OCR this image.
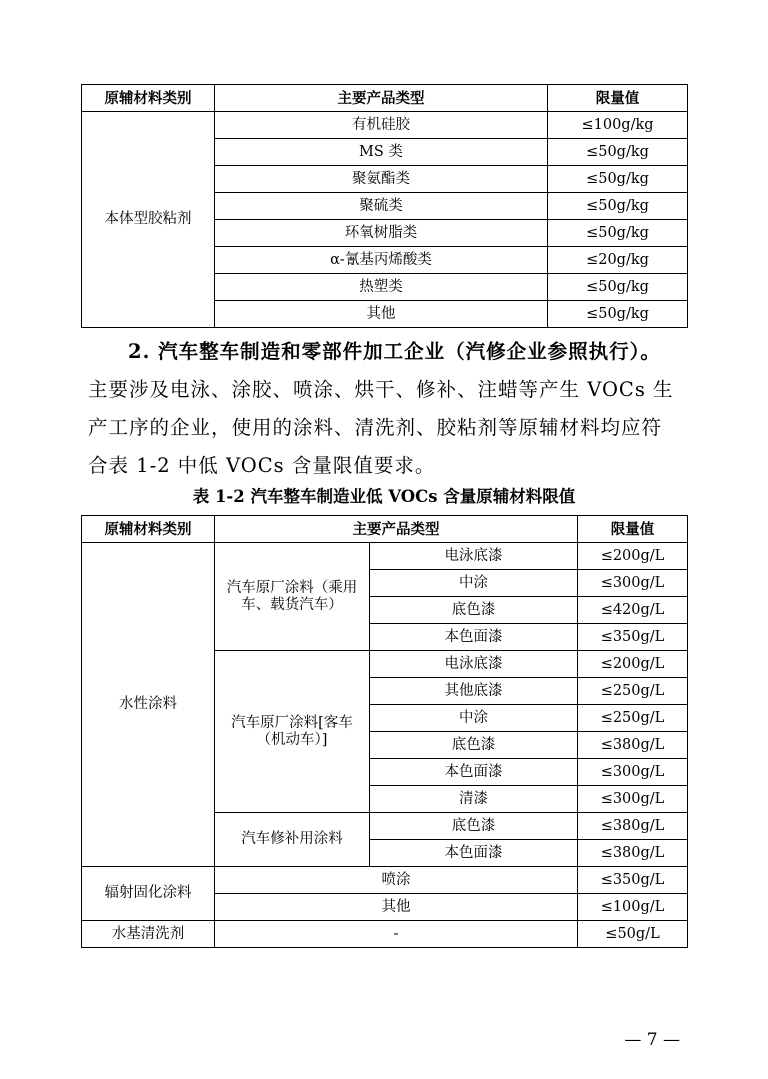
原辅材料类别	主要产品类型	限量值
本体型胶粘剂	有机硅胶	≤100g/kg
	MS 类	≤50g/kg
	聚氨酯类	≤50g/kg
	聚硫类	≤50g/kg
	环氧树脂类	≤50g/kg
	α-氰基丙烯酸类	≤20g/kg
	热塑类	≤50g/kg
	其他	≤50g/kg
2. 汽车整车制造和零部件加工企业（汽修企业参照执行）。
主要涉及电泳、涂胶、喷涂、烘干、修补、注蜡等产生 VOCs 生
产工序的企业，使用的涂料、清洗剂、胶粘剂等原辅材料均应符
合表 1-2 中低 VOCs 含量限值要求。
表 1-2 汽车整车制造业低 VOCs 含量原辅材料限值
原辅材料类别	主要产品类型		限量值
水性涂料	汽车原厂涂料（乘用车、载货汽车）	电泳底漆	≤200g/L
		中涂	≤300g/L
		底色漆	≤420g/L
		本色面漆	≤350g/L
	汽车原厂涂料[客车（机动车）]	电泳底漆	≤200g/L
		其他底漆	≤250g/L
		中涂	≤250g/L
		底色漆	≤380g/L
		本色面漆	≤300g/L
		清漆	≤300g/L
	汽车修补用涂料	底色漆	≤380g/L
		本色面漆	≤380g/L
辐射固化涂料	喷涂		≤350g/L
	其他		≤100g/L
水基清洗剂	-		≤50g/L
— 7 —
